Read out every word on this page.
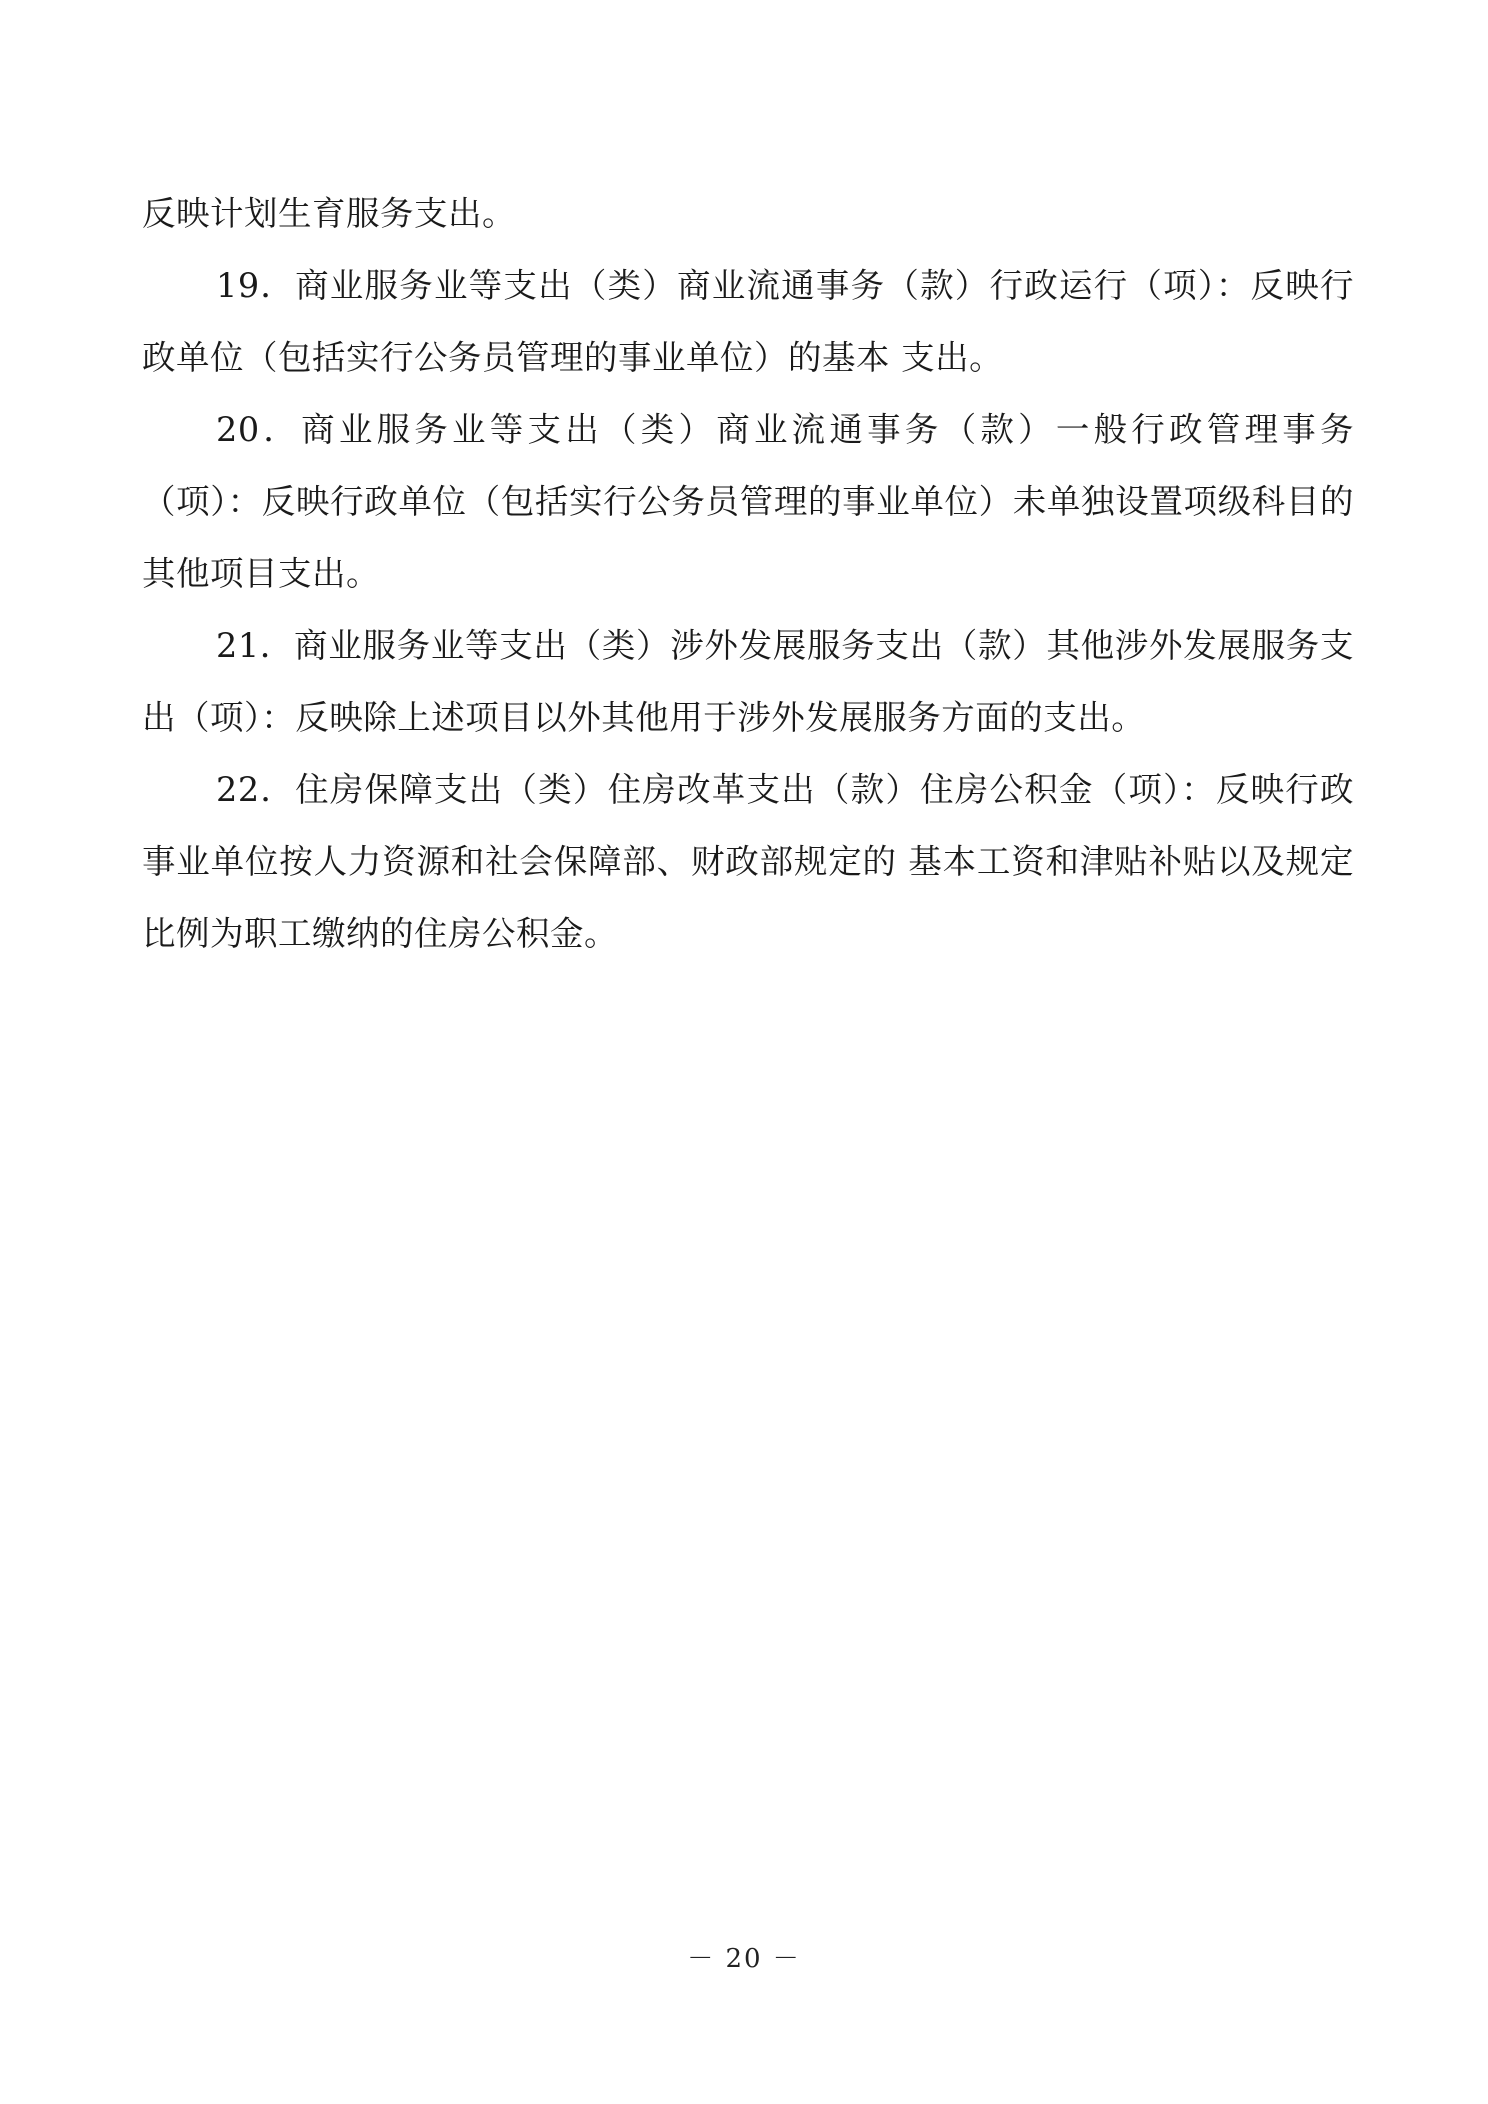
反映计划生育服务支出。

19．商业服务业等支出（类）商业流通事务（款）行政运行（项）：反映行政单位（包括实行公务员管理的事业单位）的基本 支出。

20．商业服务业等支出（类）商业流通事务（款）一般行政管理事务（项）：反映行政单位（包括实行公务员管理的事业单位）未单独设置项级科目的其他项目支出。

21．商业服务业等支出（类）涉外发展服务支出（款）其他涉外发展服务支出（项）：反映除上述项目以外其他用于涉外发展服务方面的支出。

22．住房保障支出（类）住房改革支出（款）住房公积金（项）：反映行政事业单位按人力资源和社会保障部、财政部规定的 基本工资和津贴补贴以及规定比例为职工缴纳的住房公积金。

－ 20 －
